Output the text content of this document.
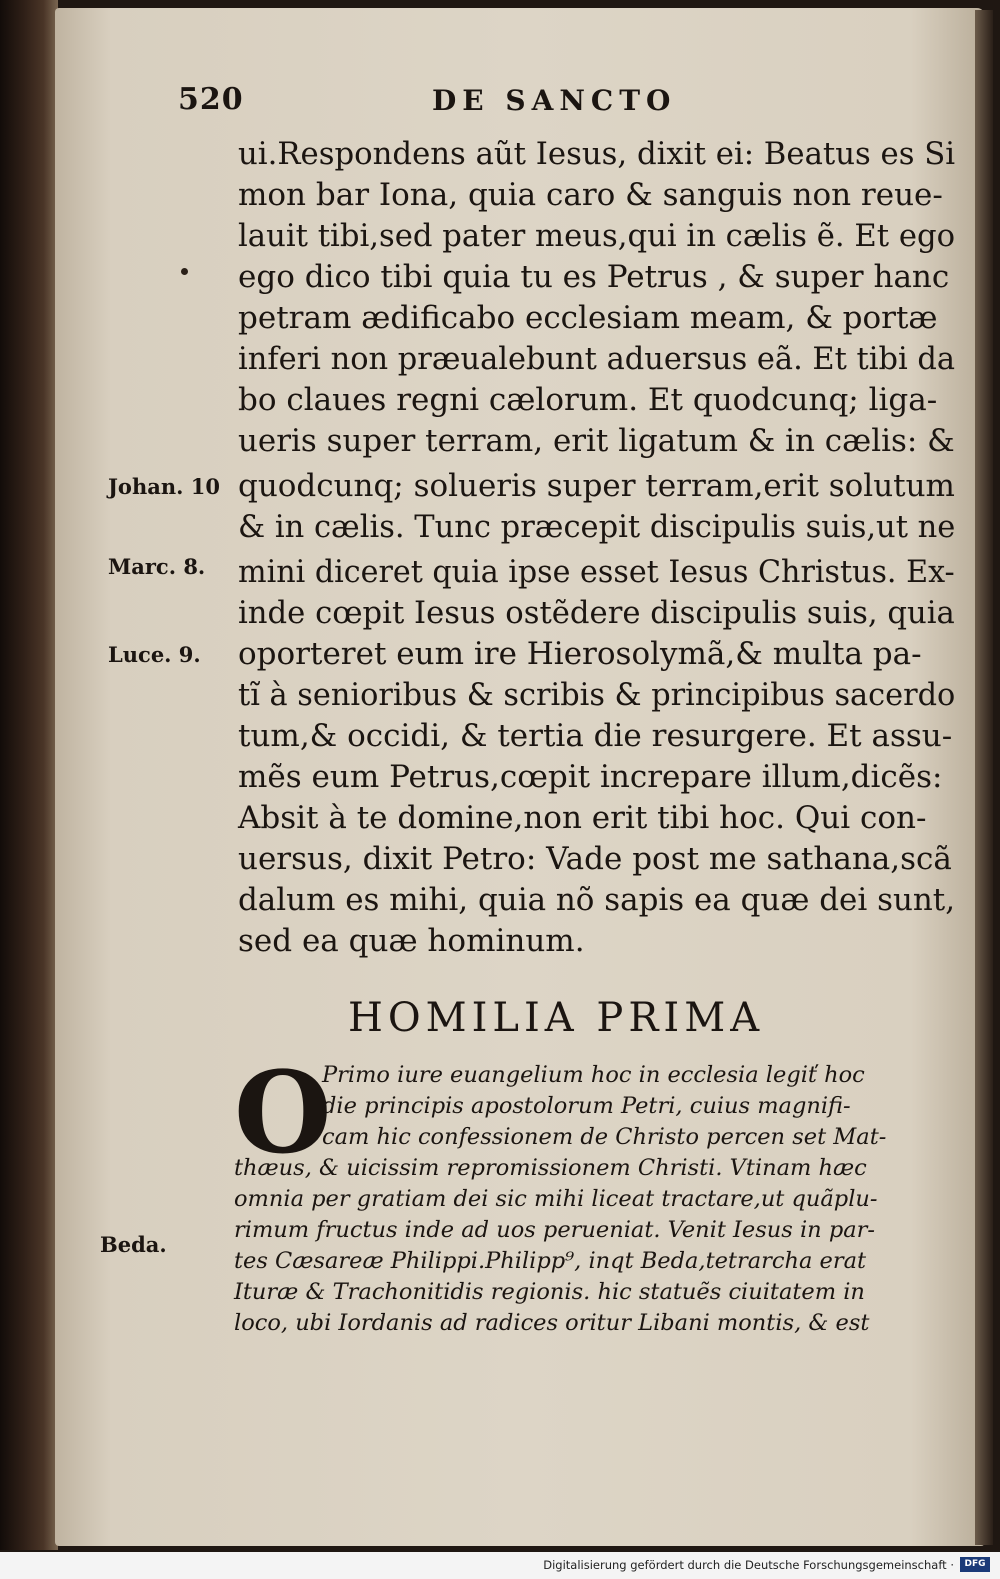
520	DE SANCTO
ui.Respondens aũt Iesus, dixit ei: Beatus es Si
mon bar Iona, quia caro & sanguis non reue-
lauit tibi,sed pater meus,qui in cælis ẽ. Et ego
ego dico tibi quia tu es Petrus , & super hanc
petram ædificabo ecclesiam meam, & portæ
inferi non præualebunt aduersus eã. Et tibi da
bo claues regni cælorum. Et quodcunq; liga-
ueris super terram, erit ligatum & in cælis: &
quodcunq; solueris super terram,erit solutum
& in cælis. Tunc præcepit discipulis suis,ut ne
mini diceret quia ipse esset Iesus Christus. Ex-
inde cœpit Iesus ostẽdere discipulis suis, quia
oporteret eum ire Hierosolymã,& multa pa-
tĩ à senioribus & scribis & principibus sacerdo
tum,& occidi, & tertia die resurgere. Et assu-
mẽs eum Petrus,cœpit increpare illum,dicẽs:
Absit à te domine,non erit tibi hoc. Qui con-
uersus, dixit Petro: Vade post me sathana,scã
dalum es mihi, quia nõ sapis ea quæ dei sunt,
sed ea quæ hominum.
Johan. 10
Marc. 8.
Luce. 9.
Beda.
HOMILIA PRIMA
O
Primo iure euangelium hoc in ecclesia legiť hoc
die principis apostolorum Petri, cuius magnifi-
cam hic confessionem de Christo percen set Mat-
thæus, & uicissim repromissionem Christi. Vtinam hæc
omnia per gratiam dei sic mihi liceat tractare,ut quãplu-
rimum fructus inde ad uos perueniat. Venit Iesus in par-
tes Cæsareæ Philippi.Philipp⁹, inqt Beda,tetrarcha erat
Ituræ & Trachonitidis regionis. hic statuẽs ciuitatem in
loco, ubi Iordanis ad radices oritur Libani montis, & est
Digitalisierung gefördert durch die Deutsche Forschungsgemeinschaft ·	DFG
